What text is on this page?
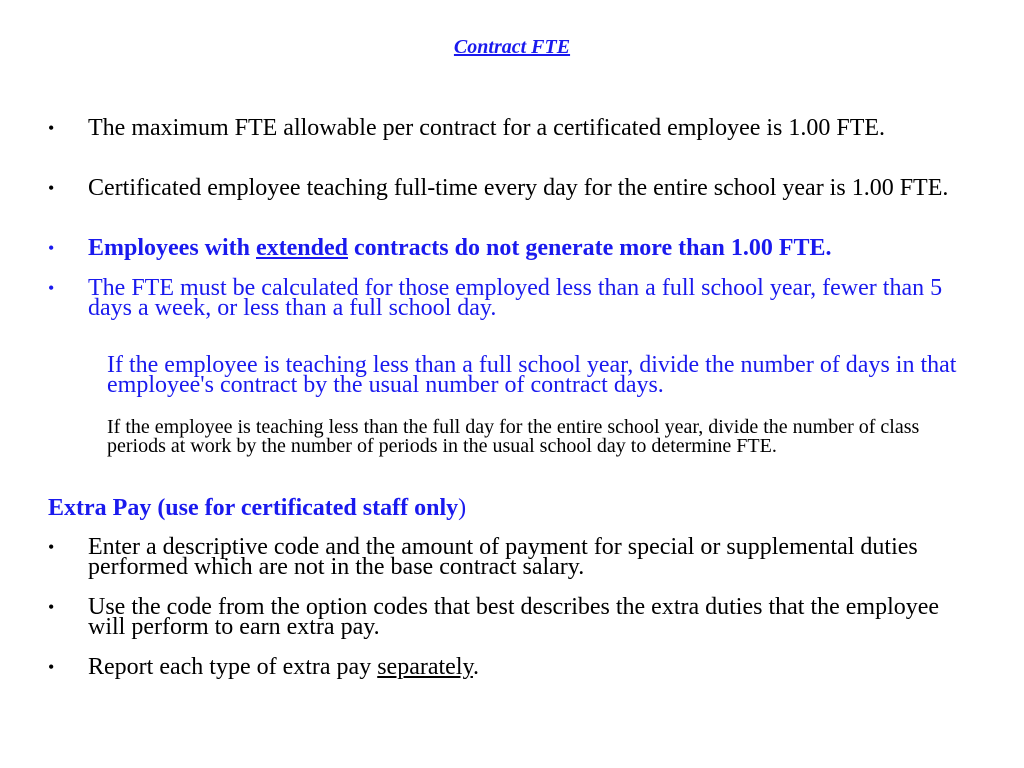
Contract FTE
• The maximum FTE allowable per contract for a certificated employee is 1.00 FTE.
• Certificated employee teaching full-time every day for the entire school year is 1.00 FTE.
• Employees with extended contracts do not generate more than 1.00 FTE.
• The FTE must be calculated for those employed less than a full school year, fewer than 5 days a week, or less than a full school day.
If the employee is teaching less than a full school year, divide the number of days in that employee's contract by the usual number of contract days.
If the employee is teaching less than the full day for the entire school year, divide the number of class periods at work by the number of periods in the usual school day to determine FTE.
Extra Pay (use for certificated staff only)
• Enter a descriptive code and the amount of payment for special or supplemental duties performed which are not in the base contract salary.
• Use the code from the option codes that best describes the extra duties that the employee will perform to earn extra pay.
• Report each type of extra pay separately.
